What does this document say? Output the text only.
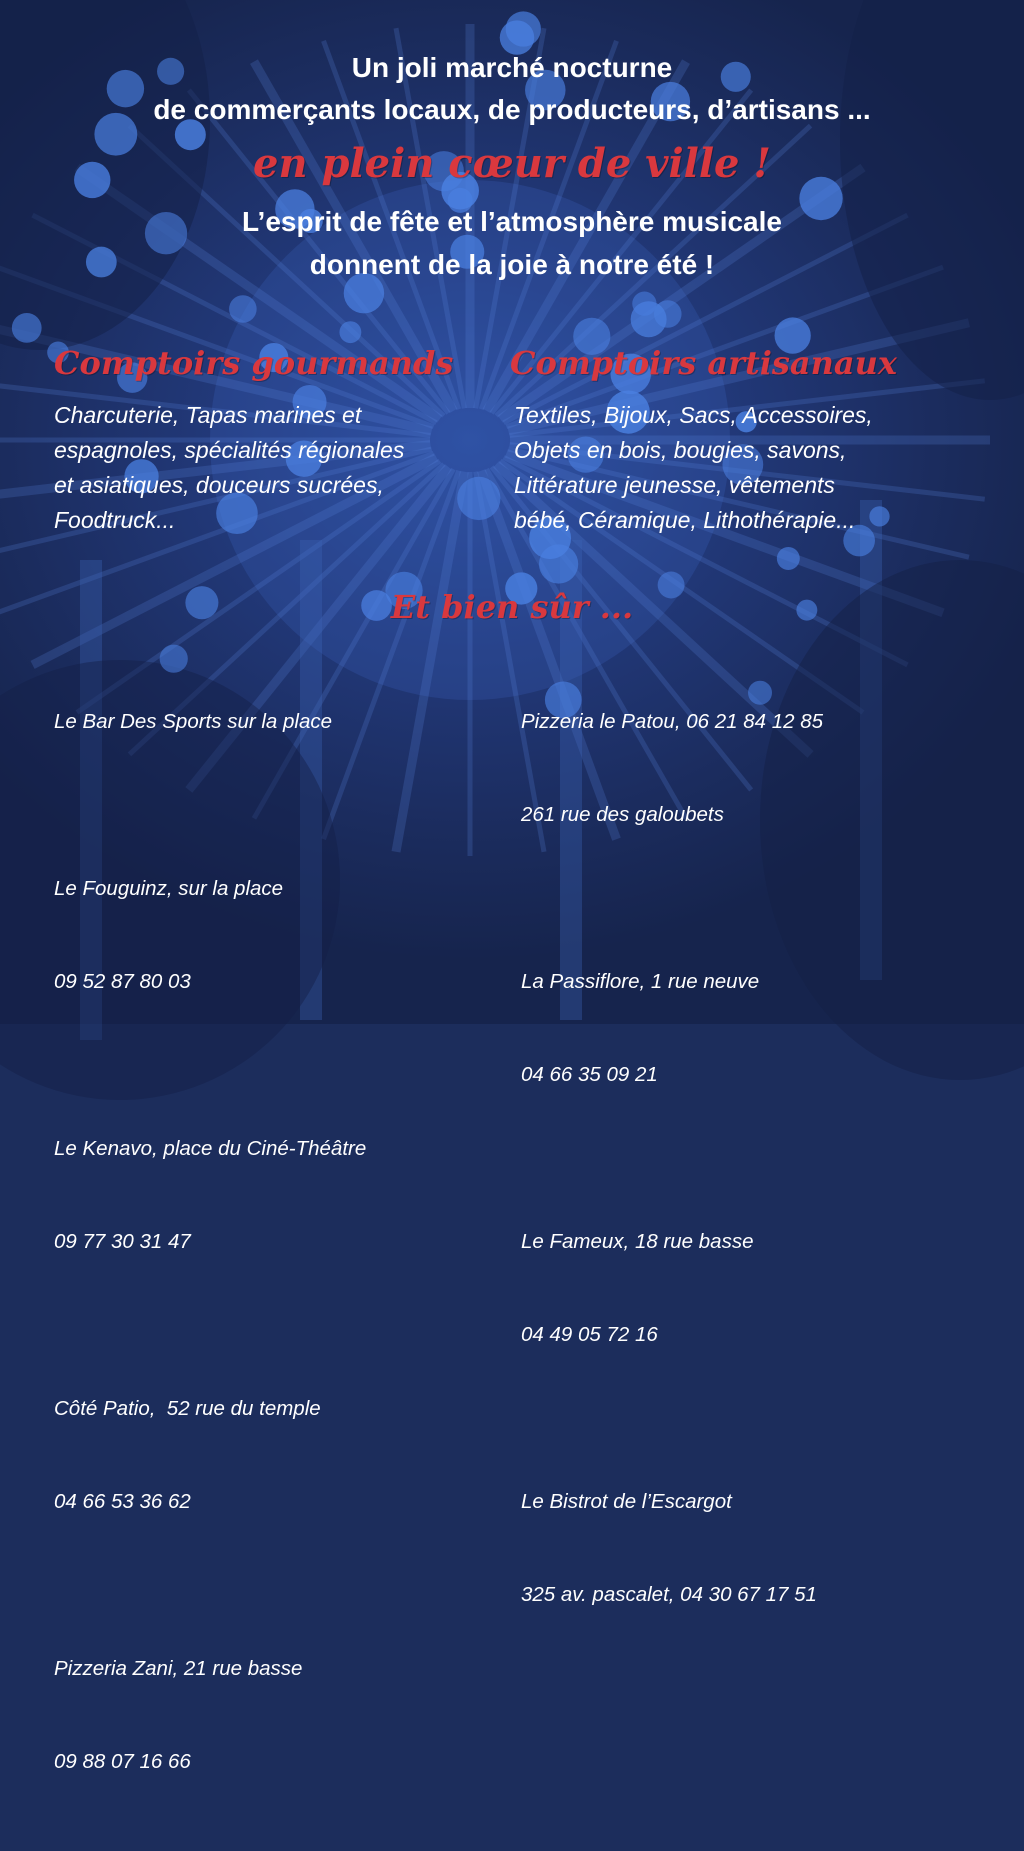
Un joli marché nocturne
de commerçants locaux, de producteurs, d’artisans ...
en plein cœur de ville !
L’esprit de fête et l’atmosphère musicale
donnent de la joie à notre été !
Comptoirs gourmands
Charcuterie, Tapas marines et
espagnoles, spécialités régionales
et asiatiques, douceurs sucrées,
Foodtruck...
Comptoirs artisanaux
Textiles, Bijoux, Sacs, Accessoires,
Objets en bois, bougies, savons,
Littérature jeunesse, vêtements
bébé, Céramique, Lithothérapie...
Et bien sûr ...

Le Bar Des Sports sur la place

Le Fouguinz, sur la place

09 52 87 80 03

Le Kenavo, place du Ciné-Théâtre

09 77 30 31 47

Côté Patio,  52 rue du temple

04 66 53 36 62

Pizzeria Zani, 21 rue basse

09 88 07 16 66

Pizzeria le Patou, 06 21 84 12 85

261 rue des galoubets

La Passiflore, 1 rue neuve

04 66 35 09 21

Le Fameux, 18 rue basse

04 49 05 72 16

Le Bistrot de l’Escargot

325 av. pascalet, 04 30 67 17 51
